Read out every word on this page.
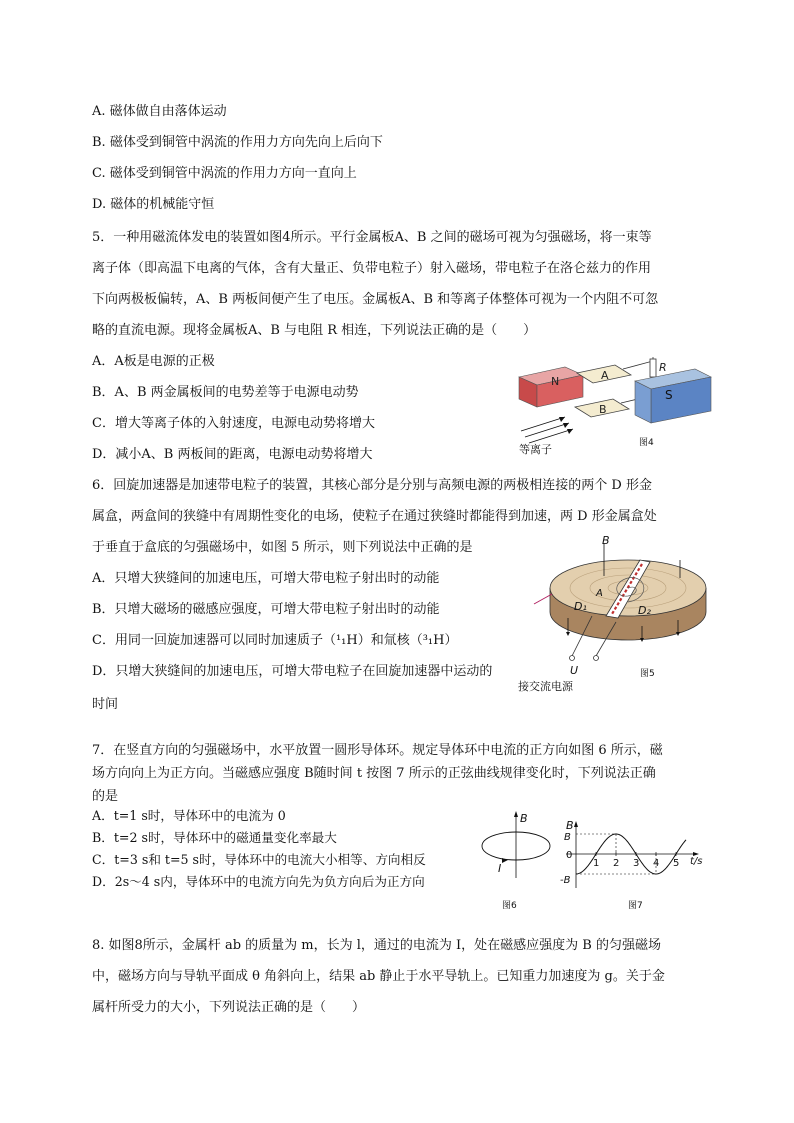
A. 磁体做自由落体运动
B. 磁体受到铜管中涡流的作用力方向先向上后向下
C. 磁体受到铜管中涡流的作用力方向一直向上
D. 磁体的机械能守恒
5．一种用磁流体发电的装置如图4所示。平行金属板A、B 之间的磁场可视为匀强磁场，将一束等
离子体（即高温下电离的气体，含有大量正、负带电粒子）射入磁场，带电粒子在洛仑兹力的作用
下向两极板偏转，A、B 两板间便产生了电压。金属板A、B 和等离子体整体可视为一个内阻不可忽
略的直流电源。现将金属板A、B 与电阻 R 相连，下列说法正确的是（　　）
A．A板是电源的正极
B．A、B 两金属板间的电势差等于电源电动势
C．增大等离子体的入射速度，电源电动势将增大
D．减小A、B 两板间的距离，电源电动势将增大
N	A
B
R
S
等离子	图4
6．回旋加速器是加速带电粒子的装置，其核心部分是分别与高频电源的两极相连接的两个 D 形金
属盒，两盒间的狭缝中有周期性变化的电场，使粒子在通过狭缝时都能得到加速，两 D 形金属盒处
于垂直于盒底的匀强磁场中，如图 5 所示，则下列说法中正确的是
A．只增大狭缝间的加速电压，可增大带电粒子射出时的动能
B．只增大磁场的磁感应强度，可增大带电粒子射出时的动能
C．用同一回旋加速器可以同时加速质子（¹₁H）和氚核（³₁H）
D．只增大狭缝间的加速电压，可增大带电粒子在回旋加速器中运动的
时间
B
A
D₁	D₂
U
接交流电源
图5
7．在竖直方向的匀强磁场中，水平放置一圆形导体环。规定导体环中电流的正方向如图 6 所示，磁
场方向向上为正方向。当磁感应强度 B随时间 t 按图 7 所示的正弦曲线规律变化时，下列说法正确
的是
A．t=1 s时，导体环中的电流为 0
B．t=2 s时，导体环中的磁通量变化率最大
C．t=3 s和 t=5 s时，导体环中的电流大小相等、方向相反
D．2s～4 s内，导体环中的电流方向先为负方向后为正方向
B
I
图6
B
t/s
B
0
-B
1 2 3 4 5
图7
8. 如图8所示，金属杆 ab 的质量为 m，长为 l，通过的电流为 I，处在磁感应强度为 B 的匀强磁场
中，磁场方向与导轨平面成 θ 角斜向上，结果 ab 静止于水平导轨上。已知重力加速度为 g。关于金
属杆所受力的大小，下列说法正确的是（　　）
